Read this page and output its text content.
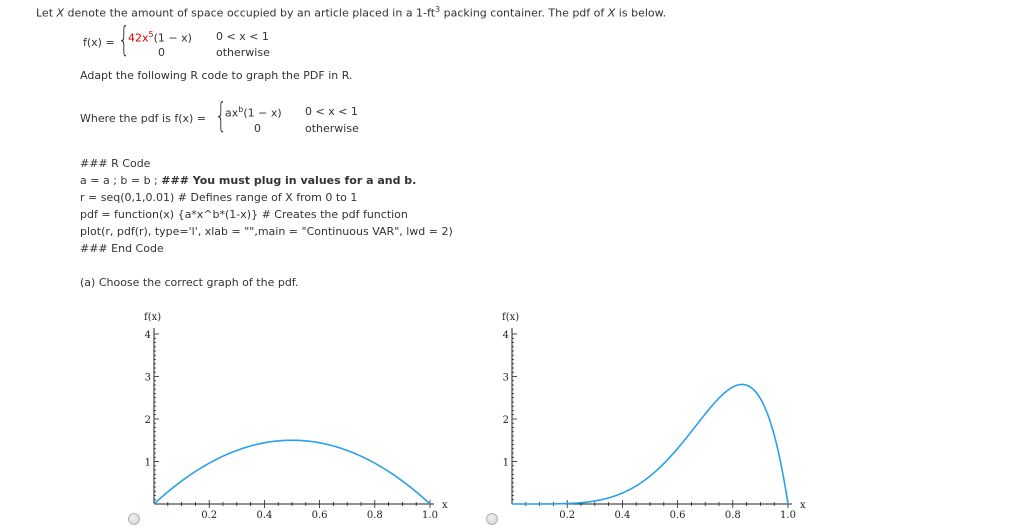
Let X denote the amount of space occupied by an article placed in a $1-ft^3$ packing container. The pdf of X is below.
f(x) = {
$42x^5(1 - x) 0 < x < 1$
0	otherwise
Adapt the following R code to graph the PDF in R.
Where the pdf is f(x) = {
$ax^b(1 - x) 0 < x < 1$
0	otherwise
### R Code
a = a ; b = b ; ### You must plug in values for a and b.
r = seq(0,1,0.01) # Defines range of X from 0 to 1
pdf = function(x) {a*x^b*(1-x)} # Creates the pdf function
plot(r, pdf(r), type='l', xlab = "",main = "Continuous VAR", lwd = 2)
### End Code
(a) Choose the correct graph of the pdf.
0.2	0.4	0.6	0.8	1.0
1
2
3
4
f(x)
x
0.2	0.4	0.6	0.8	1.0
1
2
3
4
f(x)
x
